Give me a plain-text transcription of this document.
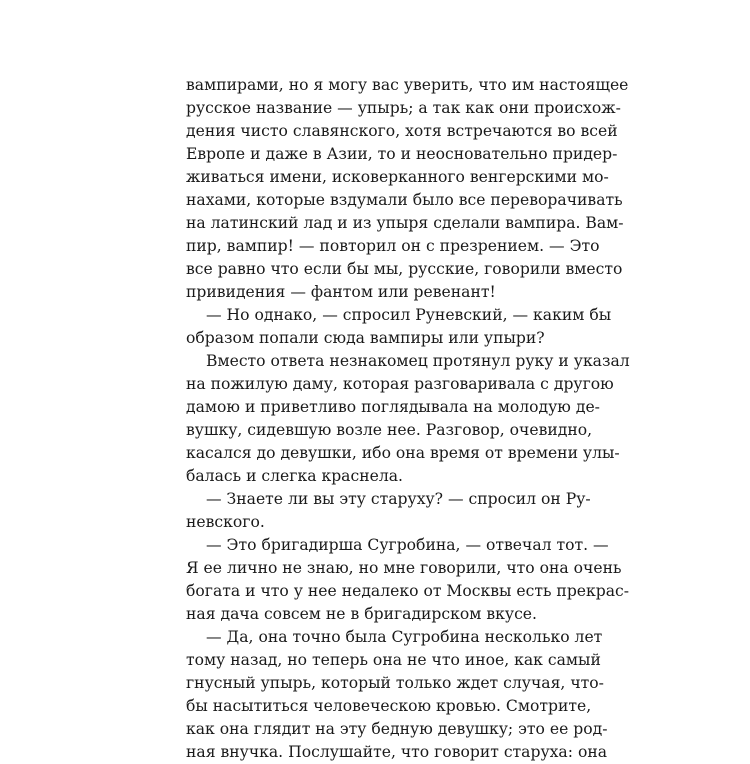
вампирами, но я могу вас уверить, что им настоящее
русское название — упырь; а так как они происхож-
дения чисто славянского, хотя встречаются во всей
Европе и даже в Азии, то и неосновательно придер-
живаться имени, исковерканного венгерскими мо-
нахами, которые вздумали было все переворачивать
на латинский лад и из упыря сделали вампира. Вам-
пир, вампир! — повторил он с презрением. — Это
все равно что если бы мы, русские, говорили вместо
привидения — фантом или ревенант!
— Но однако, — спросил Руневский, — каким бы
образом попали сюда вампиры или упыри?
Вместо ответа незнакомец протянул руку и указал
на пожилую даму, которая разговаривала с другою
дамою и приветливо поглядывала на молодую де-
вушку, сидевшую возле нее. Разговор, очевидно,
касался до девушки, ибо она время от времени улы-
балась и слегка краснела.
— Знаете ли вы эту старуху? — спросил он Ру-
невского.
— Это бригадирша Сугробина, — отвечал тот. —
Я ее лично не знаю, но мне говорили, что она очень
богата и что у нее недалеко от Москвы есть прекрас-
ная дача совсем не в бригадирском вкусе.
— Да, она точно была Сугробина несколько лет
тому назад, но теперь она не что иное, как самый
гнусный упырь, который только ждет случая, что-
бы насытиться человеческою кровью. Смотрите,
как она глядит на эту бедную девушку; это ее род-
ная внучка. Послушайте, что говорит старуха: она
